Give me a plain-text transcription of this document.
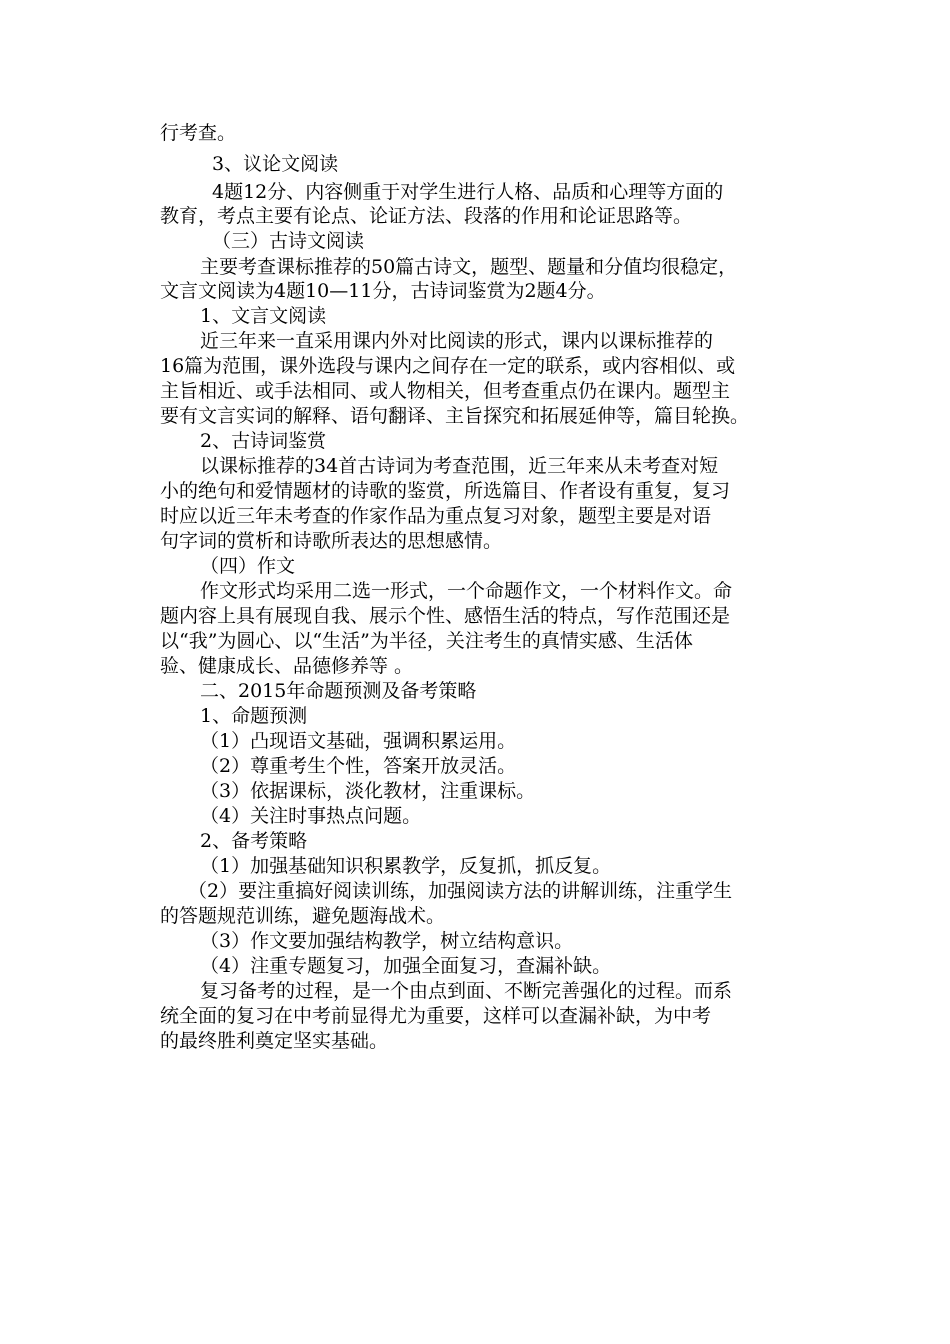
行考查。
3、议论文阅读
4题12分、内容侧重于对学生进行人格、品质和心理等方面的
教育，考点主要有论点、论证方法、段落的作用和论证思路等。
（三）古诗文阅读
主要考查课标推荐的50篇古诗文，题型、题量和分值均很稳定，
文言文阅读为4题10—11分，古诗词鉴赏为2题4分。
1、文言文阅读
近三年来一直采用课内外对比阅读的形式，课内以课标推荐的
16篇为范围，课外选段与课内之间存在一定的联系，或内容相似、或
主旨相近、或手法相同、或人物相关，但考查重点仍在课内。题型主
要有文言实词的解释、语句翻译、主旨探究和拓展延伸等，篇目轮换。
2、古诗词鉴赏
以课标推荐的34首古诗词为考查范围，近三年来从未考查对短
小的绝句和爱情题材的诗歌的鉴赏，所选篇目、作者设有重复，复习
时应以近三年未考查的作家作品为重点复习对象，题型主要是对语
句字词的赏析和诗歌所表达的思想感情。
（四）作文
作文形式均采用二选一形式，一个命题作文，一个材料作文。命
题内容上具有展现自我、展示个性、感悟生活的特点，写作范围还是
以“我”为圆心、以“生活”为半径，关注考生的真情实感、生活体
验、健康成长、品德修养等 。
二、2015年命题预测及备考策略
1、命题预测
（1）凸现语文基础，强调积累运用。
（2）尊重考生个性，答案开放灵活。
（3）依据课标，淡化教材，注重课标。
（4）关注时事热点问题。
2、备考策略
（1）加强基础知识积累教学，反复抓，抓反复。
（2）要注重搞好阅读训练，加强阅读方法的讲解训练，注重学生
的答题规范训练，避免题海战术。
（3）作文要加强结构教学，树立结构意识。
（4）注重专题复习，加强全面复习，查漏补缺。
复习备考的过程，是一个由点到面、不断完善强化的过程。而系
统全面的复习在中考前显得尤为重要，这样可以查漏补缺，为中考
的最终胜利奠定坚实基础。
